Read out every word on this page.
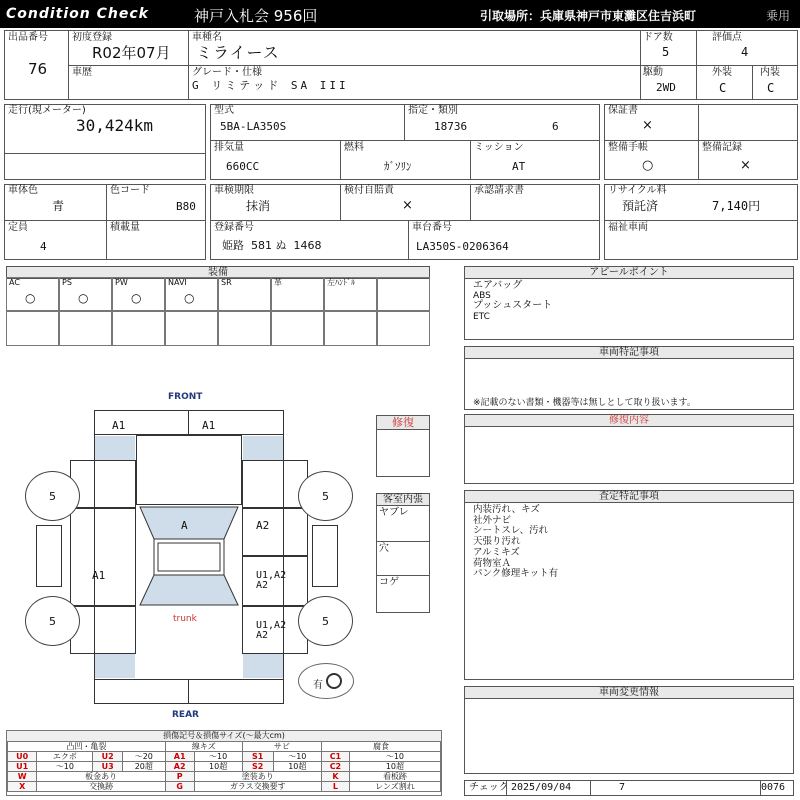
Condition Check	神戸入札会 956回	引取場所：兵庫県神戸市東灘区住吉浜町	乗用
出品番号
76
初度登録
R02年07月
車歴
車種名
ミライース
グレード・仕様
G リミテッド SA III
ドア数
5
評価点
4
駆動
2WD
外装
C
内装
C
走行(現メーター)
30,424km
型式
5BA-LA350S
指定・類別
18736	6
排気量
660CC
燃料
ｶﾞｿﾘﾝ
ミッション
AT
保証書
×
整備手帳
○
整備記録
×
車体色
青
色コード
B80
定員
4
積載量
車検期限
抹消
検付自賠責
×
承認請求書
登録番号
姫路  581 ぬ  1468
車台番号
LA350S-0206364
リサイクル料
預託済	7,140円
福祉車両
装備
AC
○
PS
○
PW
○
NAVI
○
SR	革	左ﾊﾝﾄﾞﾙ
FRONT
REAR
5	5
5	5
A1	A1
A	A2
A1	U1,A2
A2
U1,A2
A2
trunk
有
修復
客室内張
ヤブレ
穴
コゲ
アピールポイント
エアバッグ
ABS
プッシュスタート
ETC
車両特記事項
※記載のない書類・機器等は無しとして取り扱います。
修復内容
査定特記事項
内装汚れ、キズ
社外ナビ
シートスレ、汚れ
天張り汚れ
アルミキズ
荷物室Ａ
パンク修理キット有
車両変更情報
チェック 2025/09/04	7	0076
損傷記号＆損傷サイズ(〜最大cm)
凸凹・亀裂				線キズ		サビ		腐食	
U0	エクボ	U2	〜20	A1	〜10	S1	〜10	C1	〜10
U1	〜10	U3	20超	A2	10超	S2	10超	C2	10超
W	板金あり			P	塗装あり			K	看板跡
X	交換跡			G	ガラス交換要す			L	レンズ割れ
